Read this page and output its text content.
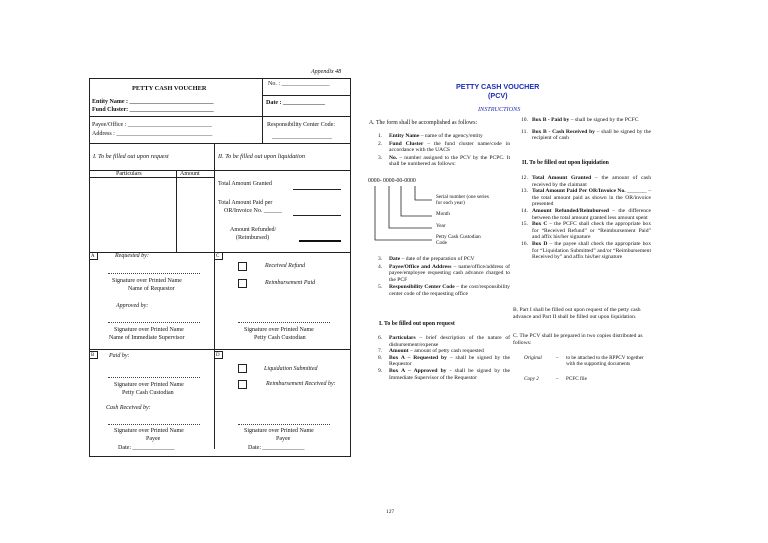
Appendix 48
PETTY CASH VOUCHER
No. : ________________
Entity Name : ____________________________
Fund Cluster: ____________________________
Date : ______________
Payee/Office : ____________________________
Address : ________________________________
Responsibility Center Code:
____________________
I. To be filled out upon request	II. To be filled out upon liquidation
Particulars	Amount
Total Amount Granted
Total Amount Paid per
OR/Invoice No. ______
Amount Refunded/
(Reimbursed)
A	Requested by:
Signature over Printed Name
Name of Requestor
Approved by:
Signature over Printed Name
Name of Immediate Supervisor
C
Received Refund
Reimbursement Paid
Signature over Printed Name
Petty Cash Custodian
B Paid by:
Signature over Printed Name
Petty Cash Custodian
Cash Received by:
Signature over Printed Name
Payee
Date: ______________
D
Liquidation Submitted
Reimbursement Received by:
Signature over Printed Name
Payee
Date: ______________
PETTY CASH VOUCHER
(PCV)
INSTRUCTIONS
A. The form shall be accomplished as follows:
1. Entity Name – name of the agency/entity
2. Fund Cluster – the fund cluster name/code in accordance with the UACS
3. No. – number assigned to the PCV by the PCPC. It shall be numbered as follows:
0000- 0000-00-0000
Serial number (one series for each year)
Month
Year
Petty Cash Custodian Code
3. Date – date of the preparation of PCV
4. Payee/Office and Address – name/office/address of payee/employee requesting cash advance charged to the PCF
5. Responsibility Center Code – the cost/responsibility center code of the requesting office
I. To be filled out upon request
6. Particulars – brief description of the nature of disbursement/expense
7. Amount – amount of petty cash requested
8. Box A – Requested by – shall be signed by the Requestor
9. Box A – Approved by - shall be signed by the Immediate Supervisor of the Requestor
10. Box B - Paid by – shall be signed by the PCFC
11. Box B - Cash Received by – shall be signed by the recipient of cash
II. To be filled out upon liquidation
12. Total Amount Granted – the amount of cash received by the claimant
13. Total Amount Paid Per OR/Invoice No. _______ – the total amount paid as shown in the OR/invoice presented
14. Amount Refunded/Reimbursed – the difference between the total amount granted less amount spent
15. Box C – the PCFC shall check the appropriate box for “Received Refund” or “Reimbursement Paid” and affix his/her signature
16. Box D – the payee shall check the appropriate box for “Liquidation Submitted” and/or “Reimbursement Received by” and affix his/her signature
B. Part I shall be filled out upon request of the petty cash advance and Part II shall be filled out upon liquidation.
C. The PCV shall be prepared in two copies distributed as follows:
Original	– to be attached to the RPPCV together with the supporting documents
Copy 2	– PCFC file
127
